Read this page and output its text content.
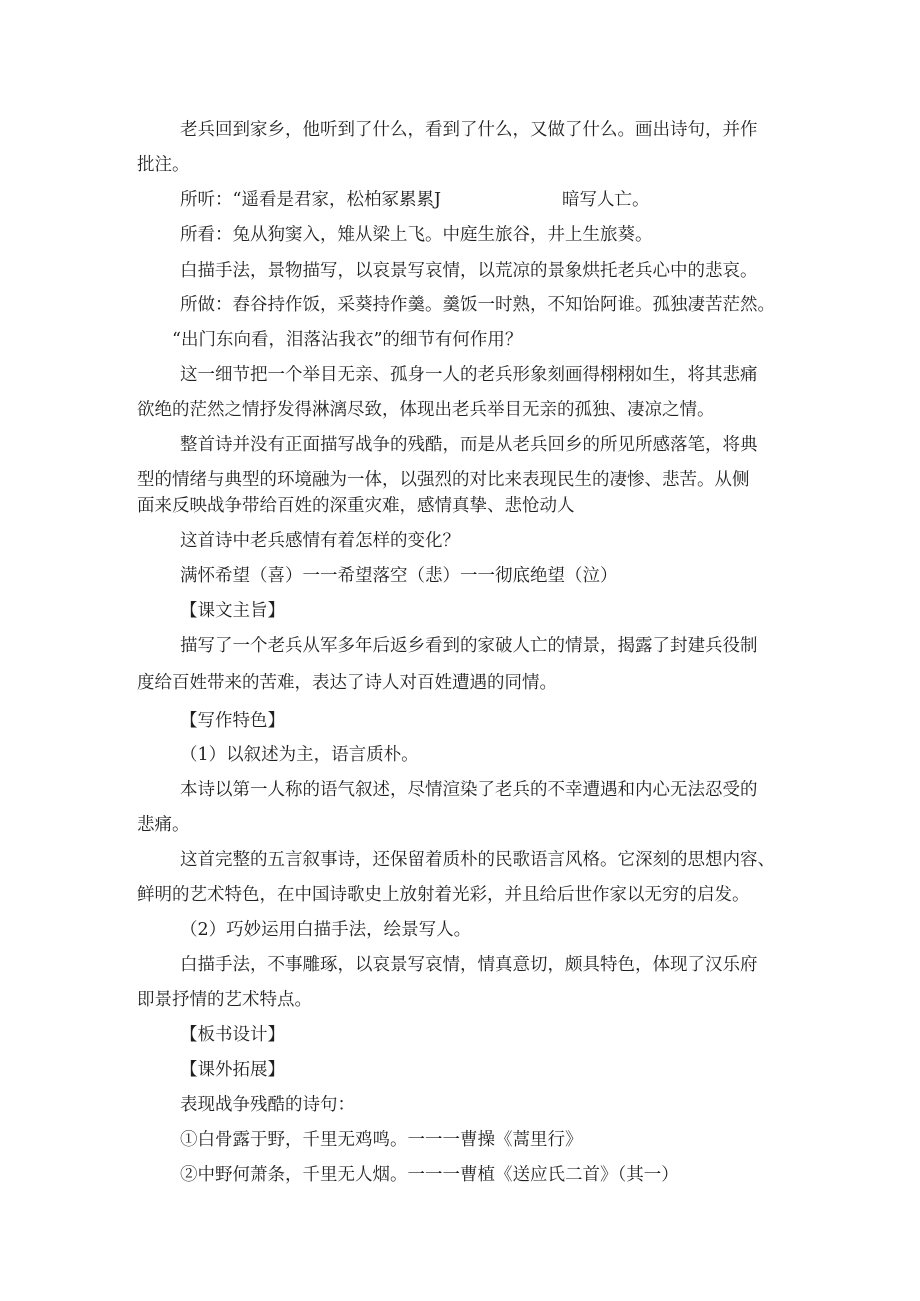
老兵回到家乡，他听到了什么，看到了什么，又做了什么。画出诗句，并作
批注。
所听：“遥看是君家，松柏冢累累J	暗写人亡。
所看：兔从狗窦入，雉从梁上飞。中庭生旅谷，井上生旅葵。
白描手法，景物描写，以哀景写哀情，以荒凉的景象烘托老兵心中的悲哀。
所做：舂谷持作饭，采葵持作羹。羹饭一时熟，不知饴阿谁。孤独凄苦茫然。
“出门东向看，泪落沾我衣”的细节有何作用？
这一细节把一个举目无亲、孤身一人的老兵形象刻画得栩栩如生，将其悲痛
欲绝的茫然之情抒发得淋漓尽致，体现出老兵举目无亲的孤独、凄凉之情。
整首诗并没有正面描写战争的残酷，而是从老兵回乡的所见所感落笔，将典
型的情绪与典型的环境融为一体，以强烈的对比来表现民生的凄惨、悲苦。从侧
面来反映战争带给百姓的深重灾难，感情真挚、悲怆动人
这首诗中老兵感情有着怎样的变化？
满怀希望（喜）一一希望落空（悲）一一彻底绝望（泣）
【课文主旨】
描写了一个老兵从军多年后返乡看到的家破人亡的情景，揭露了封建兵役制
度给百姓带来的苦难，表达了诗人对百姓遭遇的同情。
【写作特色】
（1）以叙述为主，语言质朴。
本诗以第一人称的语气叙述，尽情渲染了老兵的不幸遭遇和内心无法忍受的
悲痛。
这首完整的五言叙事诗，还保留着质朴的民歌语言风格。它深刻的思想内容、
鲜明的艺术特色，在中国诗歌史上放射着光彩，并且给后世作家以无穷的启发。
（2）巧妙运用白描手法，绘景写人。
白描手法，不事雕琢，以哀景写哀情，情真意切，颇具特色，体现了汉乐府
即景抒情的艺术特点。
【板书设计】
【课外拓展】
表现战争残酷的诗句：
①白骨露于野，千里无鸡鸣。一一一曹操《蒿里行》
②中野何萧条，千里无人烟。一一一曹植《送应氏二首》（其一）
